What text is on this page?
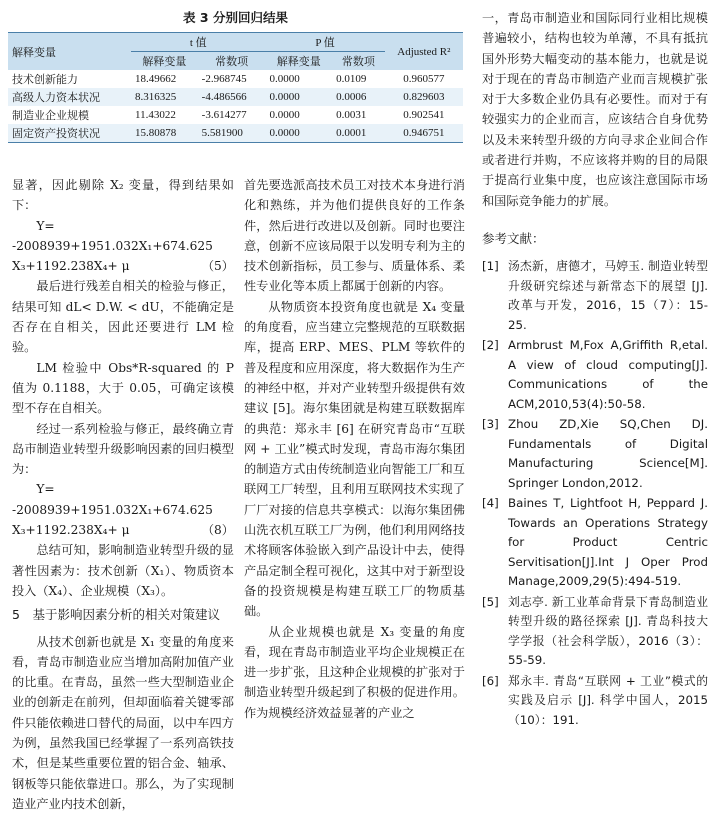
表 3 分别回归结果
解释变量	t 值		P 值		Adjusted R²
	解释变量	常数项	解释变量	常数项	
技术创新能力	18.49662	-2.968745	0.0000	0.0109	0.960577
高级人力资本状况	8.316325	-4.486566	0.0000	0.0006	0.829603
制造业企业规模	11.43022	-3.614277	0.0000	0.0031	0.902541
固定资产投资状况	15.80878	5.581900	0.0000	0.0001	0.946751

显著，因此剔除 X₂ 变量，得到结果如下：

Y= -2008939+1951.032X₁+674.625

X₃+1192.238X₄+ μ	（5）

最后进行残差自相关的检验与修正，结果可知 dL< D.W. < dU，不能确定是否存在自相关，因此还要进行 LM 检验。

LM 检验中 Obs*R-squared 的 P 值为 0.1188，大于 0.05，可确定该模型不存在自相关。

经过一系列检验与修正，最终确立青岛市制造业转型升级影响因素的回归模型为：

Y= -2008939+1951.032X₁+674.625

X₃+1192.238X₄+ μ	（8）

总结可知，影响制造业转型升级的显著性因素为：技术创新（X₁）、物质资本投入（X₄）、企业规模（X₃）。

5　基于影响因素分析的相关对策建议

从技术创新也就是 X₁ 变量的角度来看，青岛市制造业应当增加高附加值产业的比重。在青岛，虽然一些大型制造业企业的创新走在前列，但却面临着关键零部件只能依赖进口替代的局面，以中车四方为例，虽然我国已经掌握了一系列高铁技术，但是某些重要位置的铝合金、轴承、钢板等只能依靠进口。那么，为了实现制造业产业内技术创新，

首先要选派高技术员工对技术本身进行消化和熟练，并为他们提供良好的工作条件，然后进行改进以及创新。同时也要注意，创新不应该局限于以发明专利为主的技术创新指标，员工参与、质量体系、柔性专业化等本质上都属于创新的内容。

从物质资本投资角度也就是 X₄ 变量的角度看，应当建立完整规范的互联数据库，提高 ERP、MES、PLM 等软件的普及程度和应用深度，将大数据作为生产的神经中枢，并对产业转型升级提供有效建议 [5]。海尔集团就是构建互联数据库的典范：郑永丰 [6] 在研究青岛市“互联网 + 工业”模式时发现，青岛市海尔集团的制造方式由传统制造业向智能工厂和互联网工厂转型，且利用互联网技术实现了厂厂对接的信息共享模式：以海尔集团佛山洗衣机互联工厂为例，他们利用网络技术将顾客体验嵌入到产品设计中去，使得产品定制全程可视化，这其中对于新型设备的投资规模是构建互联工厂的物质基础。

从企业规模也就是 X₃ 变量的角度看，现在青岛市制造业平均企业规模正在进一步扩张，且这种企业规模的扩张对于制造业转型升级起到了积极的促进作用。作为规模经济效益显著的产业之

一，青岛市制造业和国际同行业相比规模普遍较小，结构也较为单薄，不具有抵抗国外形势大幅变动的基本能力，也就是说对于现在的青岛市制造产业而言规模扩张对于大多数企业仍具有必要性。而对于有较强实力的企业而言，应该结合自身优势以及未来转型升级的方向寻求企业间合作或者进行并购，不应该将并购的目的局限于提高行业集中度，也应该注意国际市场和国际竞争能力的扩展。

参考文献：
[1] 汤杰新，唐德才，马婷玉. 制造业转型升级研究综述与新常态下的展望 [J]. 改革与开发，2016，15（7）：15-25.
[2] Armbrust M,Fox A,Griffith R,etal. A view of cloud computing[J]. Communications of the ACM,2010,53(4):50-58.
[3] Zhou ZD,Xie SQ,Chen DJ. Fundamentals of Digital Manufacturing Science[M]. Springer London,2012.
[4] Baines T, Lightfoot H, Peppard J. Towards an Operations Strategy for Product Centric Servitisation[J].Int J Oper Prod Manage,2009,29(5):494-519.
[5] 刘志亭. 新工业革命背景下青岛制造业转型升级的路径探索 [J]. 青岛科技大学学报（社会科学版），2016（3）：55-59.
[6] 郑永丰. 青岛“互联网 + 工业”模式的实践及启示 [J]. 科学中国人，2015（10）：191.
